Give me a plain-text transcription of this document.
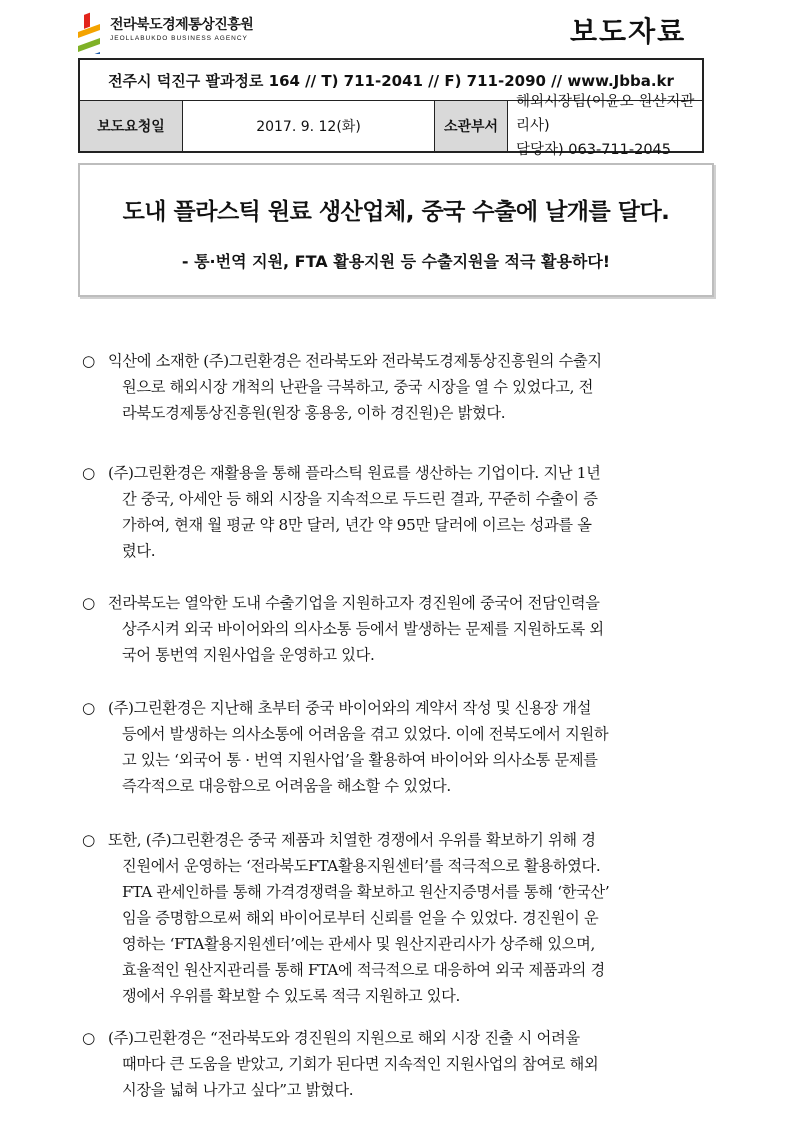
전라북도경제통상진흥원
JEOLLABUKDO BUSINESS AGENCY	보도자료
전주시 덕진구 팔과정로 164 // T) 711-2041 // F) 711-2090 // www.Jbba.kr
보도요청일	2017. 9. 12(화)	소관부서
해외시장팀(이윤오 원산지관리사)
담당자) 063-711-2045
도내 플라스틱 원료 생산업체, 중국 수출에 날개를 달다.
- 통·번역 지원, FTA 활용지원 등 수출지원을 적극 활용하다!
○ 익산에 소재한 (주)그린환경은 전라북도와 전라북도경제통상진흥원의 수출지
원으로 해외시장 개척의 난관을 극복하고, 중국 시장을 열 수 있었다고, 전
라북도경제통상진흥원(원장 홍용웅, 이하 경진원)은 밝혔다.
○ (주)그린환경은 재활용을 통해 플라스틱 원료를 생산하는 기업이다. 지난 1년
간 중국, 아세안 등 해외 시장을 지속적으로 두드린 결과, 꾸준히 수출이 증
가하여, 현재 월 평균 약 8만 달러, 년간 약 95만 달러에 이르는 성과를 올
렸다.
○ 전라북도는 열악한 도내 수출기업을 지원하고자 경진원에 중국어 전담인력을
상주시켜 외국 바이어와의 의사소통 등에서 발생하는 문제를 지원하도록 외
국어 통번역 지원사업을 운영하고 있다.
○ (주)그린환경은 지난해 초부터 중국 바이어와의 계약서 작성 및 신용장 개설
등에서 발생하는 의사소통에 어려움을 겪고 있었다. 이에 전북도에서 지원하
고 있는 ‘외국어 통 · 번역 지원사업’을 활용하여 바이어와 의사소통 문제를
즉각적으로 대응함으로 어려움을 해소할 수 있었다.
○ 또한, (주)그린환경은 중국 제품과 치열한 경쟁에서 우위를 확보하기 위해 경
진원에서 운영하는 ‘전라북도FTA활용지원센터’를 적극적으로 활용하였다.
FTA 관세인하를 통해 가격경쟁력을 확보하고 원산지증명서를 통해 ‘한국산’
임을 증명함으로써 해외 바이어로부터 신뢰를 얻을 수 있었다. 경진원이 운
영하는 ‘FTA활용지원센터’에는 관세사 및 원산지관리사가 상주해 있으며,
효율적인 원산지관리를 통해 FTA에 적극적으로 대응하여 외국 제품과의 경
쟁에서 우위를 확보할 수 있도록 적극 지원하고 있다.
○ (주)그린환경은 “전라북도와 경진원의 지원으로 해외 시장 진출 시 어려울
때마다 큰 도움을 받았고, 기회가 된다면 지속적인 지원사업의 참여로 해외
시장을 넓혀 나가고 싶다”고 밝혔다.
